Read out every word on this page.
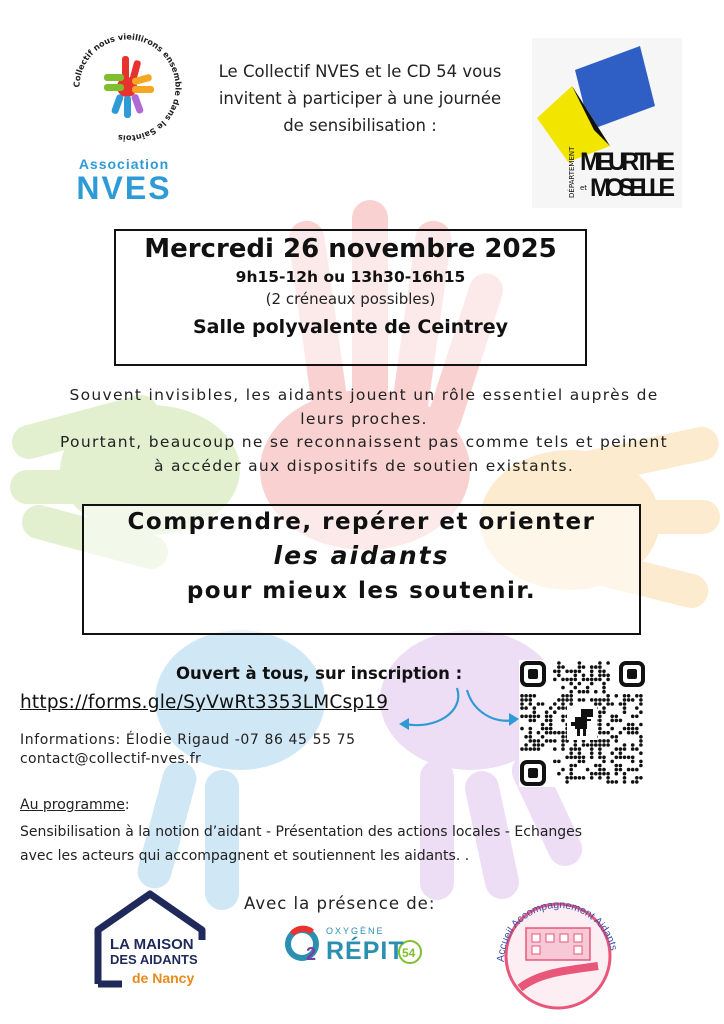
Collectif nous vieillirons ensemble dans le Saintois
Association
NVES
Le Collectif NVES et le CD 54 vous
invitent à participer à une journée
de sensibilisation :
DÉPARTEMENT MEURTHE
et MOSELLE
Mercredi 26 novembre 2025
9h15-12h ou 13h30-16h15
(2 créneaux possibles)
Salle polyvalente de Ceintrey
Souvent invisibles, les aidants jouent un rôle essentiel auprès de
leurs proches.
Pourtant, beaucoup ne se reconnaissent pas comme tels et peinent
à accéder aux dispositifs de soutien existants.
Comprendre, repérer et orienter
les aidants
pour mieux les soutenir.
Ouvert à tous, sur inscription :
https://forms.gle/SyVwRt3353LMCsp19
Informations: Élodie Rigaud -07 86 45 55 75
contact@collectif-nves.fr
Au programme:
Sensibilisation à la notion d’aidant - Présentation des actions locales - Echanges
avec les acteurs qui accompagnent et soutiennent les aidants. .
Avec la présence de:
LA MAISON
DES AIDANTS
de Nancy
2	54
OXYGÈNE
RÉPIT	Accueil Accompagnement Aidants
